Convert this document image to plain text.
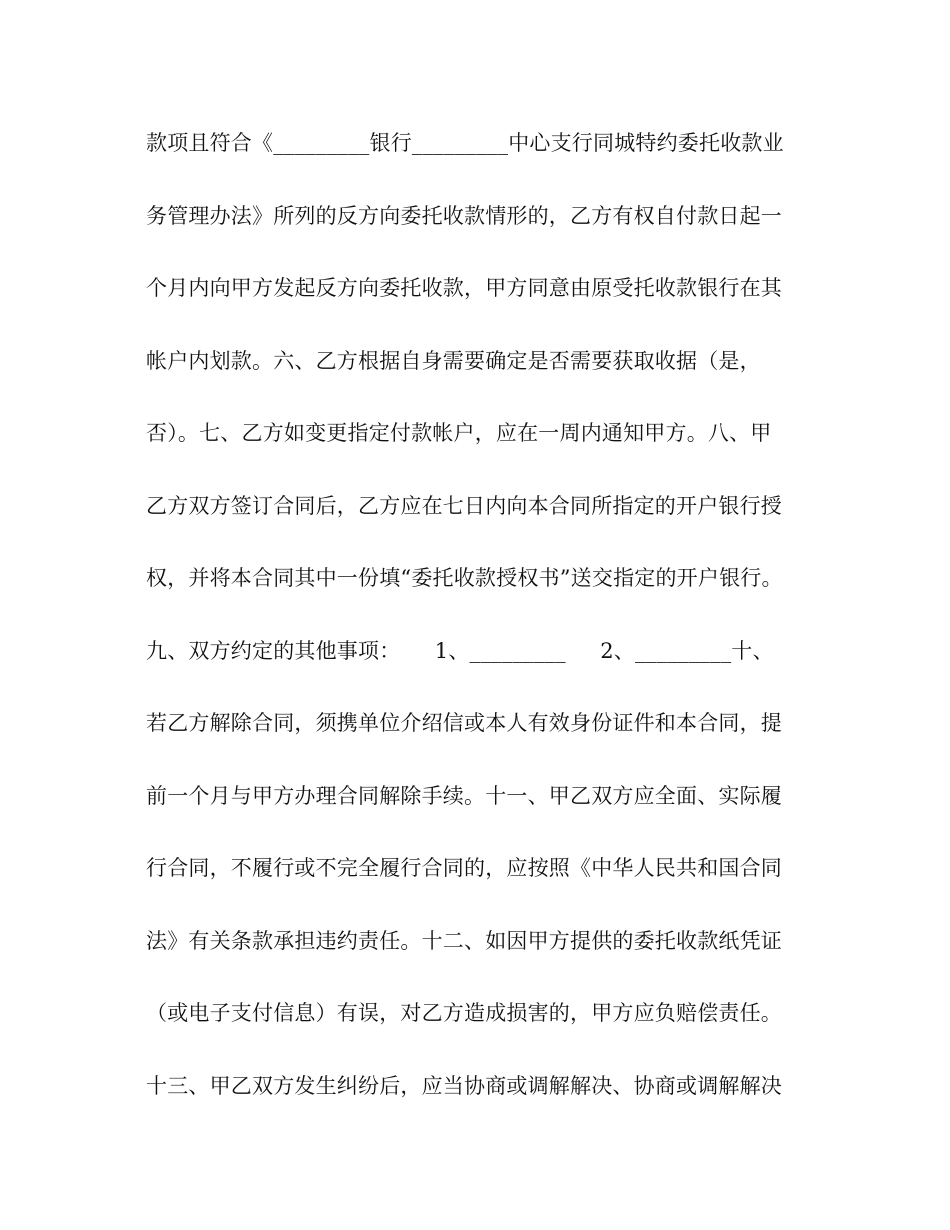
款项且符合《_________银行_________中心支行同城特约委托收款业
务管理办法》所列的反方向委托收款情形的，乙方有权自付款日起一
个月内向甲方发起反方向委托收款，甲方同意由原受托收款银行在其
帐户内划款。六、乙方根据自身需要确定是否需要获取收据（是，
否）。七、乙方如变更指定付款帐户，应在一周内通知甲方。八、甲
乙方双方签订合同后，乙方应在七日内向本合同所指定的开户银行授
权，并将本合同其中一份填“委托收款授权书”送交指定的开户银行。
九、双方约定的其他事项：     1、_________     2、_________十、
若乙方解除合同，须携单位介绍信或本人有效身份证件和本合同，提
前一个月与甲方办理合同解除手续。十一、甲乙双方应全面、实际履
行合同，不履行或不完全履行合同的，应按照《中华人民共和国合同
法》有关条款承担违约责任。十二、如因甲方提供的委托收款纸凭证
（或电子支付信息）有误，对乙方造成损害的，甲方应负赔偿责任。
十三、甲乙双方发生纠纷后，应当协商或调解解决、协商或调解解决
